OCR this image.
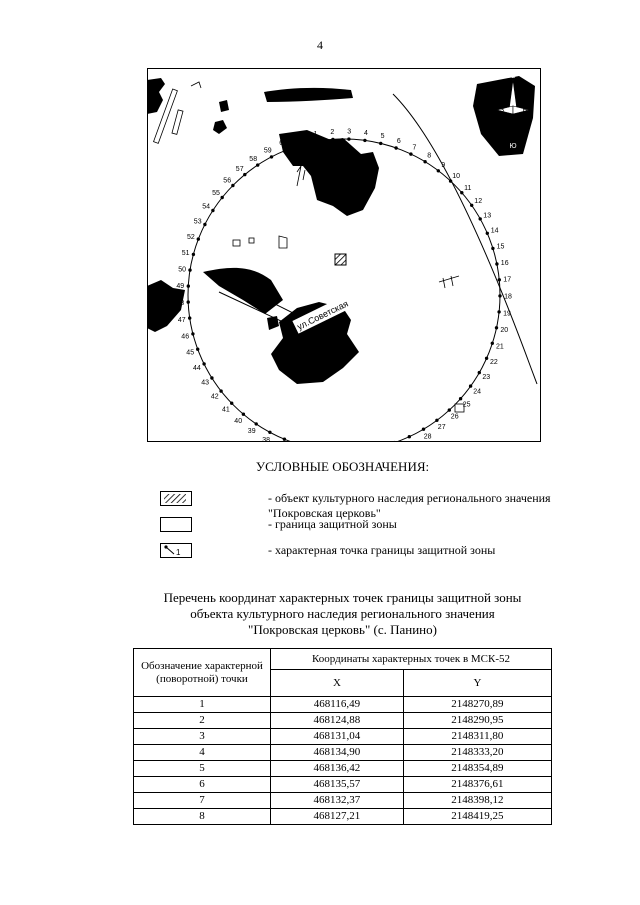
4
ул.Советская
С
Ю
З	В
1 2 3 4 5
6
7
8
9
10
11
12
13
14
15
16
17
18
19
20
21
22
23
24
25
26
27
28
38
39
40
41
42
43
44
45
46
47
48
49
50
51
52
53
54
55
56
57
58
59
60
61
УСЛОВНЫЕ ОБОЗНАЧЕНИЯ:
- объект культурного наследия регионального значения "Покровская церковь"
- граница защитной зоны
1	- характерная точка границы защитной зоны
Перечень координат характерных точек границы защитной зоны
объекта культурного наследия регионального значения
"Покровская церковь" (с. Панино)
Обозначение характерной (поворотной) точки	Координаты характерных точек в МСК-52	
	X	Y
1	468116,49	2148270,89
2	468124,88	2148290,95
3	468131,04	2148311,80
4	468134,90	2148333,20
5	468136,42	2148354,89
6	468135,57	2148376,61
7	468132,37	2148398,12
8	468127,21	2148419,25
